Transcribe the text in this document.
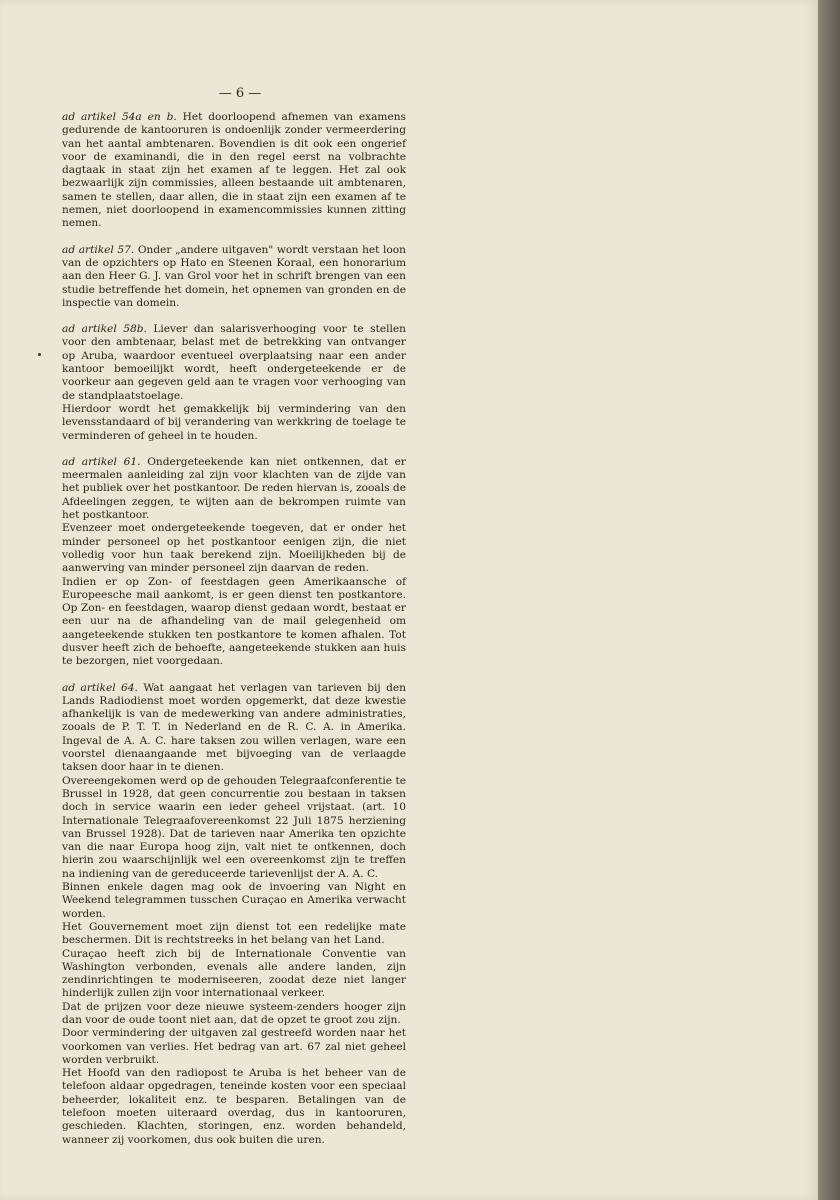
— 6 —

ad artikel 54a en b. Het doorloopend afnemen van examens gedurende de kantooruren is ondoenlijk zonder vermeerdering van het aantal ambtenaren. Bovendien is dit ook een ongerief voor de examinandi, die in den regel eerst na volbrachte dagtaak in staat zijn het examen af te leggen. Het zal ook bezwaarlijk zijn commissies, alleen bestaande uit ambtenaren, samen te stellen, daar allen, die in staat zijn een examen af te nemen, niet doorloopend in examencommissies kunnen zitting nemen.

ad artikel 57. Onder „andere uitgaven" wordt verstaan het loon van de opzichters op Hato en Steenen Koraal, een honorarium aan den Heer G. J. van Grol voor het in schrift brengen van een studie betreffende het domein, het opnemen van gronden en de inspectie van domein.

ad artikel 58b. Liever dan salarisverhooging voor te stellen voor den ambtenaar, belast met de betrekking van ontvanger op Aruba, waardoor eventueel overplaatsing naar een ander kantoor bemoeilijkt wordt, heeft ondergeteekende er de voorkeur aan gegeven geld aan te vragen voor verhooging van de standplaatstoelage.

Hierdoor wordt het gemakkelijk bij vermindering van den levensstandaard of bij verandering van werkkring de toelage te verminderen of geheel in te houden.

ad artikel 61. Ondergeteekende kan niet ontkennen, dat er meermalen aanleiding zal zijn voor klachten van de zijde van het publiek over het postkantoor. De reden hiervan is, zooals de Afdeelingen zeggen, te wijten aan de bekrompen ruimte van het postkantoor.

Evenzeer moet ondergeteekende toegeven, dat er onder het minder personeel op het postkantoor eenigen zijn, die niet volledig voor hun taak berekend zijn. Moeilijkheden bij de aanwerving van minder personeel zijn daarvan de reden.

Indien er op Zon- of feestdagen geen Amerikaansche of Europeesche mail aankomt, is er geen dienst ten postkantore. Op Zon- en feestdagen, waarop dienst gedaan wordt, bestaat er een uur na de afhandeling van de mail gelegenheid om aangeteekende stukken ten postkantore te komen afhalen. Tot dusver heeft zich de behoefte, aangeteekende stukken aan huis te bezorgen, niet voorgedaan.

ad artikel 64. Wat aangaat het verlagen van tarieven bij den Lands Radiodienst moet worden opgemerkt, dat deze kwestie afhankelijk is van de medewerking van andere administraties, zooals de P. T. T. in Nederland en de R. C. A. in Amerika. Ingeval de A. A. C. hare taksen zou willen verlagen, ware een voorstel dienaangaande met bijvoeging van de verlaagde taksen door haar in te dienen.

Overeengekomen werd op de gehouden Telegraafconferentie te Brussel in 1928, dat geen concurrentie zou bestaan in taksen doch in service waarin een ieder geheel vrijstaat. (art. 10 Internationale Telegraafovereenkomst 22 Juli 1875 herziening van Brussel 1928). Dat de tarieven naar Amerika ten opzichte van die naar Europa hoog zijn, valt niet te ontkennen, doch hierin zou waarschijnlijk wel een overeenkomst zijn te treffen na indiening van de gereduceerde tarievenlijst der A. A. C.

Binnen enkele dagen mag ook de invoering van Night en Weekend telegrammen tusschen Curaçao en Amerika verwacht worden.

Het Gouvernement moet zijn dienst tot een redelijke mate beschermen. Dit is rechtstreeks in het belang van het Land.

Curaçao heeft zich bij de Internationale Conventie van Washington verbonden, evenals alle andere landen, zijn zendinrichtingen te moderniseeren, zoodat deze niet langer hinderlijk zullen zijn voor internationaal verkeer.

Dat de prijzen voor deze nieuwe systeem-zenders hooger zijn dan voor de oude toont niet aan, dat de opzet te groot zou zijn.

Door vermindering der uitgaven zal gestreefd worden naar het voorkomen van verlies. Het bedrag van art. 67 zal niet geheel worden verbruikt.

Het Hoofd van den radiopost te Aruba is het beheer van de telefoon aldaar opgedragen, teneinde kosten voor een speciaal beheerder, lokaliteit enz. te besparen. Betalingen van de telefoon moeten uiteraard overdag, dus in kantooruren, geschieden. Klachten, storingen, enz. worden behandeld, wanneer zij voorkomen, dus ook buiten die uren.
